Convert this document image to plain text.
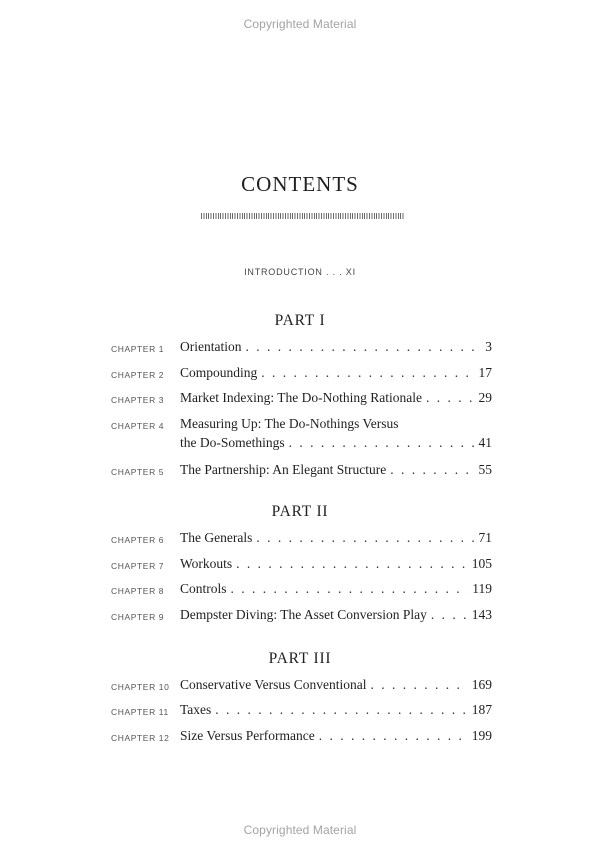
Copyrighted Material
CONTENTS
INTRODUCTION . . . XI
PART I
CHAPTER 1 Orientation . . .	3
CHAPTER 2 Compounding . . .	17
CHAPTER 3 Market Indexing: The Do-Nothing Rationale . . .	29
CHAPTER 4 Measuring Up: The Do-Nothings Versus
the Do-Somethings . . .	41
CHAPTER 5 The Partnership: An Elegant Structure . . .	55
PART II
CHAPTER 6 The Generals . . .	71
CHAPTER 7 Workouts . . .	105
CHAPTER 8 Controls . . .	119
CHAPTER 9 Dempster Diving: The Asset Conversion Play . . .	143
PART III
CHAPTER 10 Conservative Versus Conventional . . .	169
CHAPTER 11 Taxes . . .	187
CHAPTER 12 Size Versus Performance . . .	199
Copyrighted Material
